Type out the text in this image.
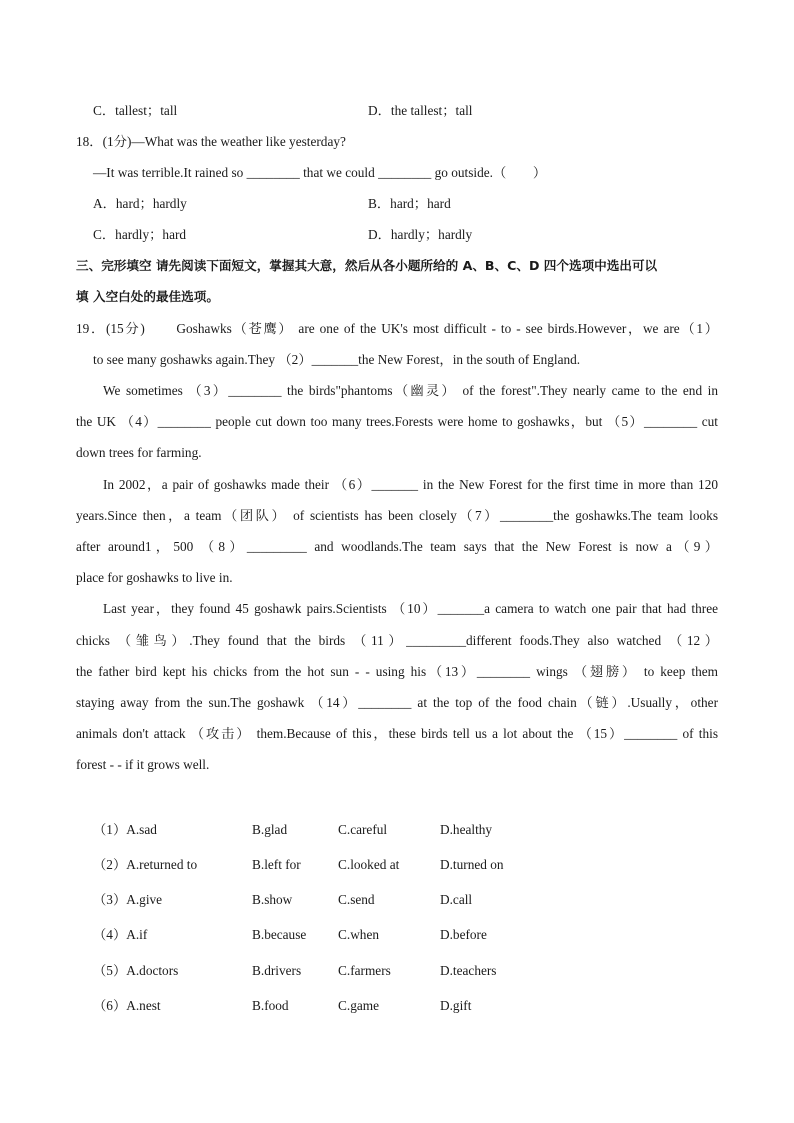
C．tallest；tall	D．the tallest；tall
18．(1分)—What was the weather like yesterday?
—It was terrible.It rained so ________ that we could ________ go outside.（　　）
A．hard；hardly	B．hard；hard
C．hardly；hard	D．hardly；hardly
三、完形填空 请先阅读下面短文，掌握其大意，然后从各小题所给的 A、B、C、D 四个选项中选出可以
填 入空白处的最佳选项。
19．(15分)　　Goshawks（苍鹰） are one of the UK's most difficult - to - see birds.However，we are（1）
to see many goshawks again.They （2）_______the New Forest，in the south of England.
We sometimes （3）________ the birds"phantoms（幽灵） of the forest".They nearly came to the end in
the UK （4）________ people cut down too many trees.Forests were home to goshawks，but （5）________ cut
down trees for farming.
In 2002，a pair of goshawks made their （6）_______ in the New Forest for the first time in more than 120
years.Since then，a team（团队） of scientists has been closely（7）________the goshawks.The team looks
after around1，500 （8）_________ and woodlands.The team says that the New Forest is now a（9）
place for goshawks to live in.
Last year，they found 45 goshawk pairs.Scientists （10）_______a camera to watch one pair that had three
chicks （雏鸟）.They found that the birds （11）_________different foods.They also watched （12）
the father bird kept his chicks from the hot sun - - using his（13）________ wings （翅膀） to keep them
staying away from the sun.The goshawk （14）________ at the top of the food chain（链）.Usually，other
animals don't attack （攻击） them.Because of this，these birds tell us a lot about the （15）________ of this
forest - - if it grows well.
（1）A.sad	B.glad	C.careful	D.healthy
（2）A.returned to	B.left for	C.looked at	D.turned on
（3）A.give	B.show	C.send	D.call
（4）A.if	B.because C.when	D.before
（5）A.doctors	B.drivers	C.farmers	D.teachers
（6）A.nest	B.food	C.game	D.gift
